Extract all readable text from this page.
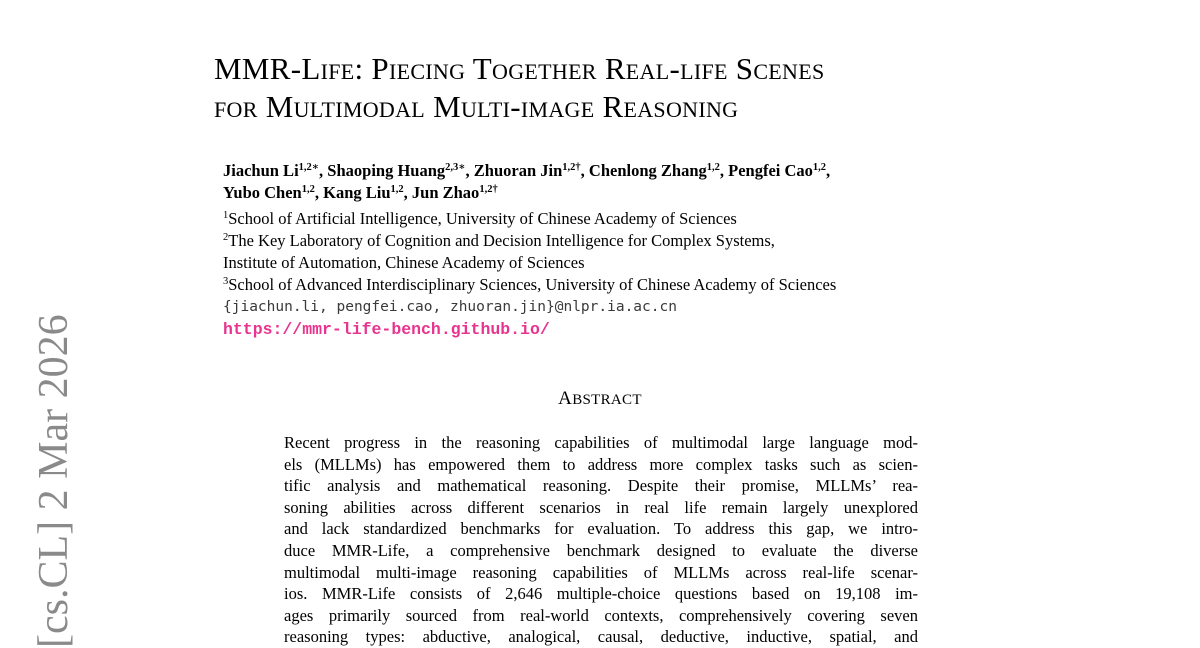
[cs.CL] 2 Mar 2026
MMR-Life: Piecing Together Real-life Scenes
for Multimodal Multi-image Reasoning
Jiachun $Li^{1,2∗}$, Shaoping Huang$^{2,3∗}$, Zhuoran Jin$^{1,2\dagger}$, Chenlong Zhang$^{1,2}$, Pengfei Cao$^{1,2}$,
Yubo Chen$^{1,2}$, Kang Liu$^{1,2}$, Jun Zhao$^{1,2\dagger}$
$^1$School of Artificial Intelligence, University of Chinese Academy of Sciences
$^2$The Key Laboratory of Cognition and Decision Intelligence for Complex Systems,
Institute of Automation, Chinese Academy of Sciences
$^3$School of Advanced Interdisciplinary Sciences, University of Chinese Academy of Sciences
{jiachun.li, pengfei.cao, zhuoran.jin}@nlpr.ia.ac.cn
https://mmr-life-bench.github.io/
ABSTRACT
Recent progress in the reasoning capabilities of multimodal large language mod-
els (MLLMs) has empowered them to address more complex tasks such as scien-
tific analysis and mathematical reasoning. Despite their promise, MLLMs’ rea-
soning abilities across different scenarios in real life remain largely unexplored
and lack standardized benchmarks for evaluation. To address this gap, we intro-
duce MMR-Life, a comprehensive benchmark designed to evaluate the diverse
multimodal multi-image reasoning capabilities of MLLMs across real-life scenar-
ios. MMR-Life consists of 2,646 multiple-choice questions based on 19,108 im-
ages primarily sourced from real-world contexts, comprehensively covering seven
reasoning types: abductive, analogical, causal, deductive, inductive, spatial, and
